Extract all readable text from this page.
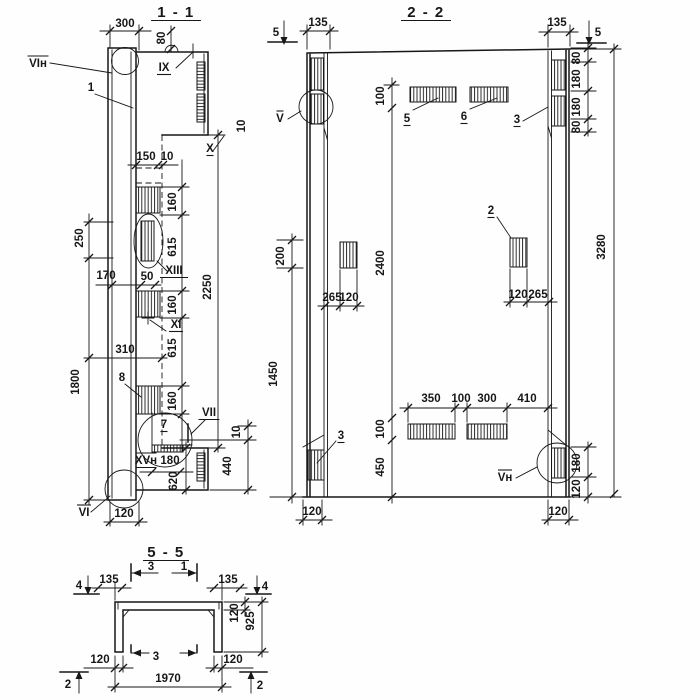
1 - 1
300
80
VIн
1
IX
X
10
150 10
250
170 50
1800
310
160
615
160
615
160
2250
XIII
XI
8
7
VII
10
XVн 180
620
440
VI 120
2 - 2
5
135	135
5
V
100
5	6	3
80
180
180
80
3280
200	2400
2
120 265
265
120
1450
350 100 300 410
100
450
3
Vн
180
120
120	120
5 - 5
4 135
3 1
135
4
120 925
120	3	120
1970
2	2
